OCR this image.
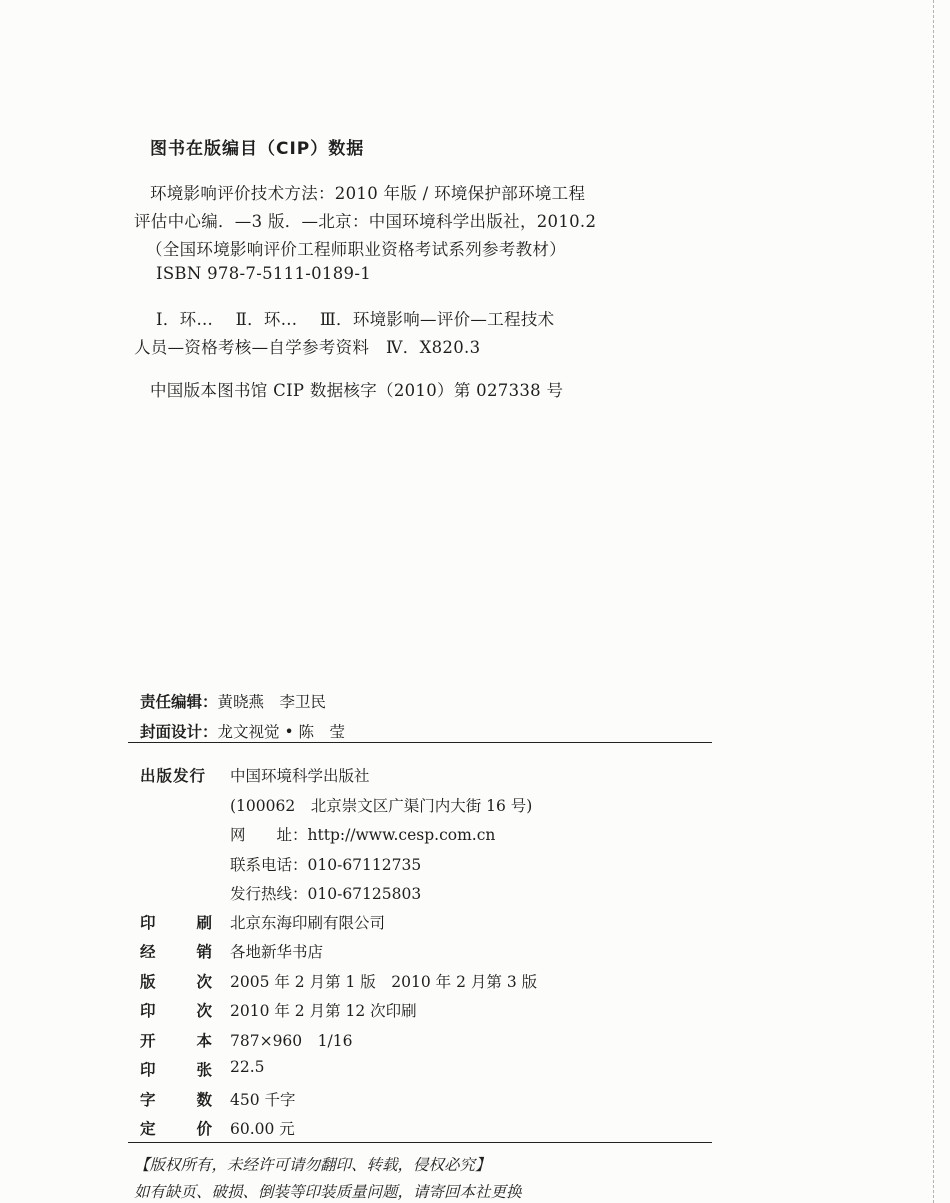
图书在版编目（CIP）数据
环境影响评价技术方法：2010 年版 / 环境保护部环境工程
评估中心编．—3 版．—北京：中国环境科学出版社，2010.2
（全国环境影响评价工程师职业资格考试系列参考教材）
ISBN 978-7-5111-0189-1
Ⅰ．环…　 Ⅱ．环…　 Ⅲ．环境影响—评价—工程技术
人员—资格考核—自学参考资料　Ⅳ．X820.3
中国版本图书馆 CIP 数据核字（2010）第 027338 号
责任编辑：黄晓燕　李卫民
封面设计：龙文视觉 • 陈　莹
出版发行 中国环境科学出版社
(100062　北京崇文区广渠门内大街 16 号)
网　　址：http://www.cesp.com.cn
联系电话：010-67112735
发行热线：010-67125803
印	刷 北京东海印刷有限公司
经	销 各地新华书店
版	次 2005 年 2 月第 1 版　2010 年 2 月第 3 版
印	次 2010 年 2 月第 12 次印刷
开	本 787×960　1/16
印	张 22.5
字	数 450 千字
定	价 60.00 元
【版权所有，未经许可请勿翻印、转载，侵权必究】
如有缺页、破损、倒装等印装质量问题，请寄回本社更换
